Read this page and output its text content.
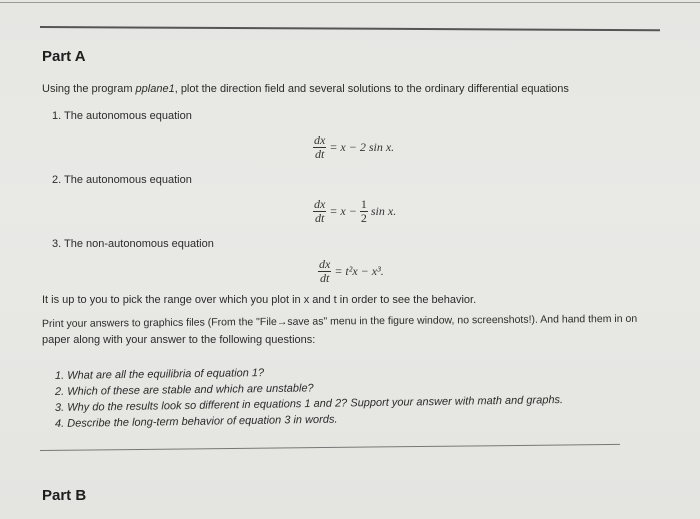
Part A
Using the program pplane1, plot the direction field and several solutions to the ordinary differential equations
1. The autonomous equation
$\frac{dx}{dt} = x - 2$ sin x.
2. The autonomous equation
$\frac{dx}{dt} = x - \frac{1}{2}$ sin x.
3. The non-autonomous equation
$\frac{dx}{dt} = t^2x - x^3$.
It is up to you to pick the range over which you plot in x and t in order to see the behavior.
Print your answers to graphics files (From the "File→save as" menu in the figure window, no screenshots!). And hand them in on
paper along with your answer to the following questions:
1. What are all the equilibria of equation 1?
2. Which of these are stable and which are unstable?
3. Why do the results look so different in equations 1 and 2? Support your answer with math and graphs.
4. Describe the long-term behavior of equation 3 in words.
Part B
